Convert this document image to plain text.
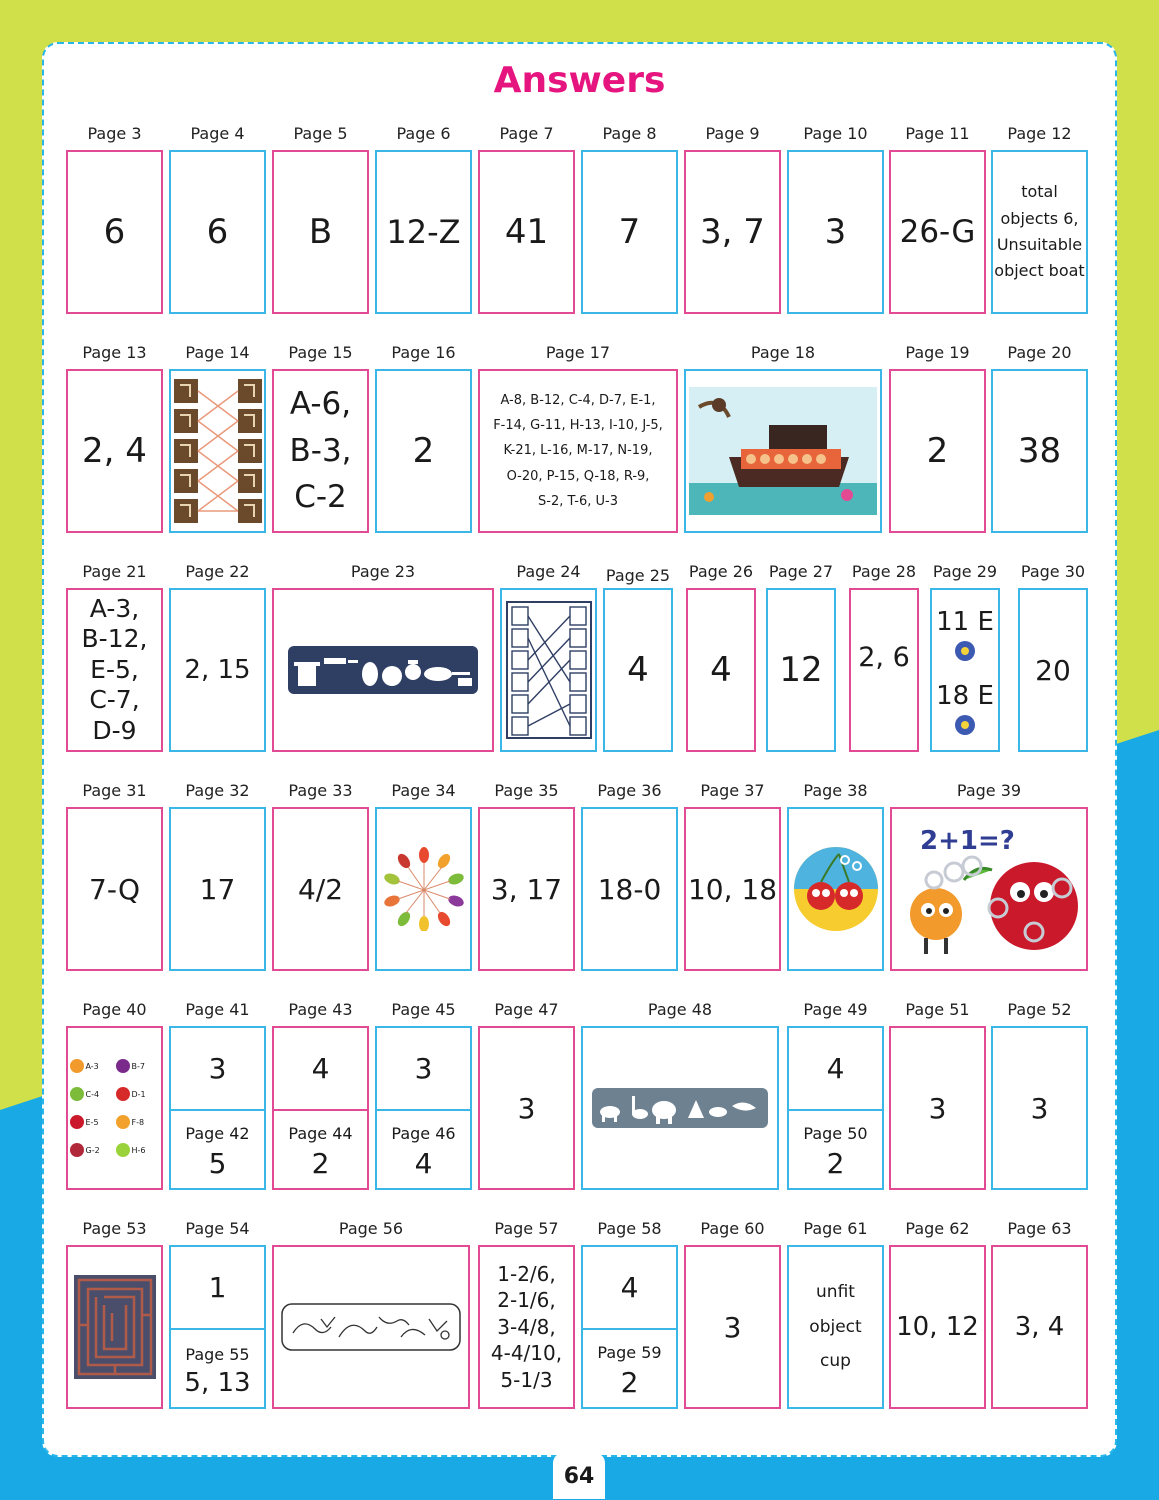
Answers
Page 3
6
Page 4
6
Page 5
B
Page 6
12-Z
Page 7
41
Page 8
7
Page 9
3, 7
Page 10
3
Page 11
26-G
Page 12
total
objects 6,
Unsuitable
object boat
Page 13
2, 4
Page 14	Page 15
A-6,
B-3,
C-2
Page 16
2
Page 17
A-8, B-12, C-4, D-7, E-1,
F-14, G-11, H-13, I-10, J-5,
K-21, L-16, M-17, N-19,
O-20, P-15, Q-18, R-9,
S-2, T-6, U-3
Page 18	Page 19
2
Page 20
38
Page 21
A-3,
B-12,
E-5,
C-7,
D-9
Page 22
2, 15
Page 23	Page 24	Page 25
4
Page 26
4
Page 27
12
Page 28
2, 6
Page 29
11 E
18 E
Page 30
20
Page 31
7-Q
Page 32
17
Page 33
4/2
Page 34	Page 35
3, 17
Page 36
18-0
Page 37
10, 18
Page 38	Page 39
2+1=?
Page 40
A-3	B-7
C-4	D-1
E-5	F-8
G-2	H-6
Page 41
3
Page 42
5
Page 43
4
Page 44
2
Page 45
3
Page 46
4
Page 47
3
Page 48	Page 49
4
Page 50
2
Page 51
3
Page 52
3
Page 53	Page 54
1
Page 55
5, 13
Page 56	Page 57
1-2/6,
2-1/6,
3-4/8,
4-4/10,
5-1/3
Page 58
4
Page 59
2
Page 60
3
Page 61
unfit
object
cup
Page 62
10, 12
Page 63
3, 4
64
